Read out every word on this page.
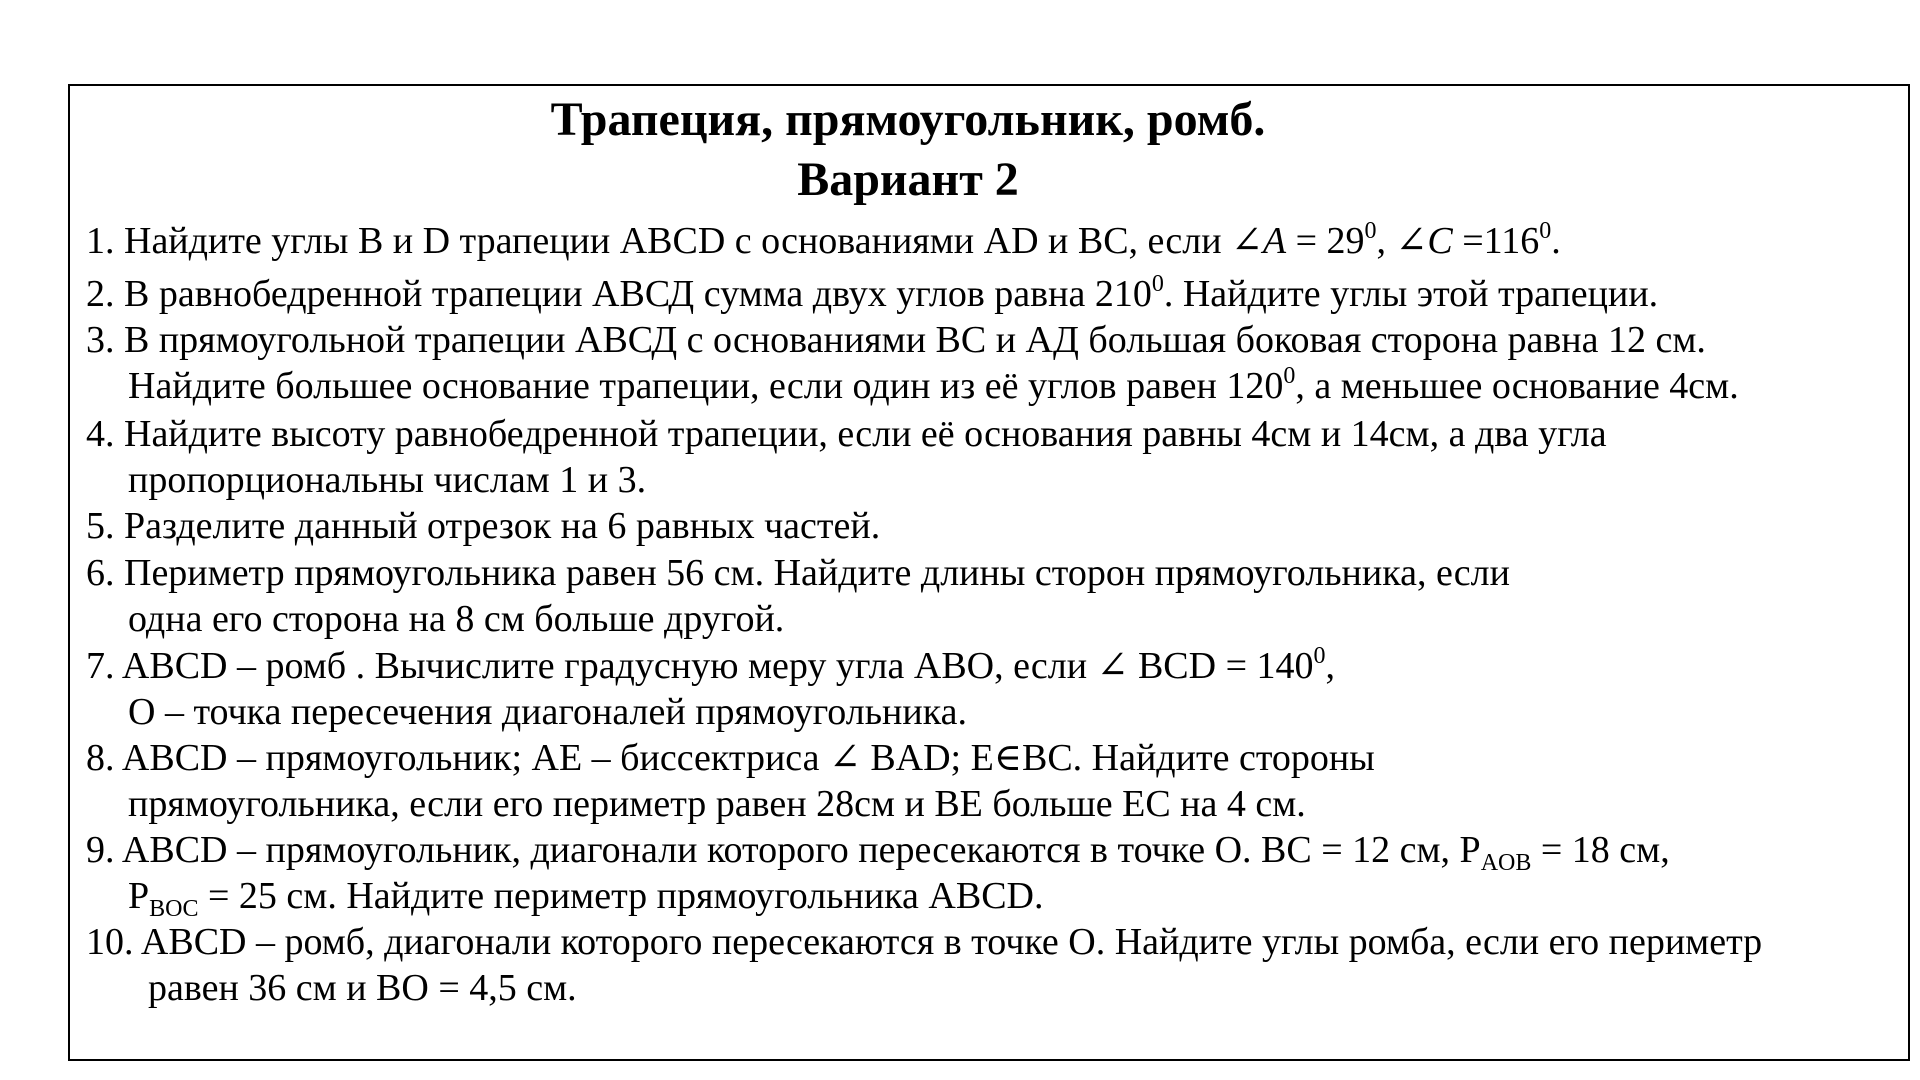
Трапеция, прямоугольник, ромб.
Вариант 2
1. Найдите углы B и D трапеции ABCD с основаниями AD и BC, если ∠A = $29^0$, ∠C $=116^0$.
2. В равнобедренной трапеции АВСД сумма двух углов равна $210^0$. Найдите углы этой трапеции.
3. В прямоугольной трапеции АВСД с основаниями ВС и АД большая боковая сторона равна 12 см.
Найдите большее основание трапеции, если один из её углов равен $120^0$, а меньшее основание 4см.
4. Найдите высоту равнобедренной трапеции, если её основания равны 4см и 14см, а два угла
пропорциональны числам 1 и 3.
5. Разделите данный отрезок на 6 равных частей.
6. Периметр прямоугольника равен 56 см. Найдите длины сторон прямоугольника, если
одна его сторона на 8 см больше другой.
7. ABCD – ромб . Вычислите градусную меру угла АВО, если ∠ BCD = $140^0$,
О – точка пересечения диагоналей прямоугольника.
8. ABCD – прямоугольник; AE – биссектриса ∠ BAD; E∈BC. Найдите стороны
прямоугольника, если его периметр равен 28см и BE больше EC на 4 см.
9. ABCD – прямоугольник, диагонали которого пересекаются в точке O. BC = 12 см, $P_{AOB} = 18$ см,
$P_{BOC} = 25$ см. Найдите периметр прямоугольника ABCD.
10. ABCD – ромб, диагонали которого пересекаются в точке O. Найдите углы ромба, если его периметр
равен 36 см и BO = 4,5 см.
